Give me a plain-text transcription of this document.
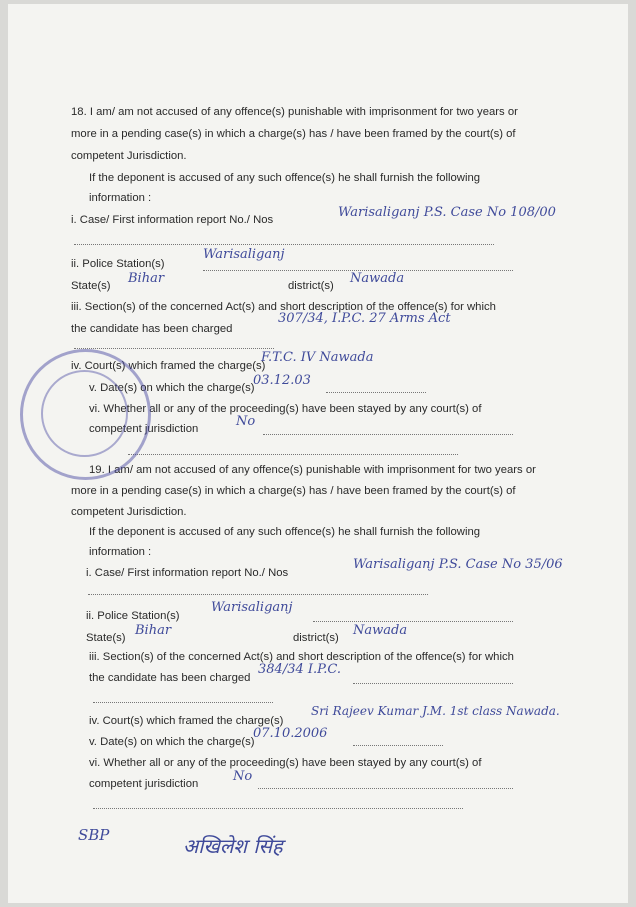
18. I am/ am not accused of any offence(s) punishable with imprisonment for two years or
more in a pending case(s) in which a charge(s) has / have been framed by the court(s) of
competent Jurisdiction.
If the deponent is accused of any such offence(s) he shall furnish the following
information :
i. Case/ First information report No./ Nos	Warisaliganj P.S. Case No 108/00
ii. Police Station(s)
Warisaliganj
State(s) Bihar	district(s) Nawada
iii. Section(s) of the concerned Act(s) and short description of the offence(s) for which
the candidate has been charged
307/34, I.P.C. 27 Arms Act
iv. Court(s) which framed the charge(s)
F.T.C. IV Nawada
v. Date(s) on which the charge(s)
03.12.03
vi. Whether all or any of the proceeding(s) have been stayed by any court(s) of
competent jurisdiction	No
19. I am/ am not accused of any offence(s) punishable with imprisonment for two years or
more in a pending case(s) in which a charge(s) has / have been framed by the court(s) of
competent Jurisdiction.
If the deponent is accused of any such offence(s) he shall furnish the following
information :
i. Case/ First information report No./ Nos
Warisaliganj P.S. Case No 35/06
ii. Police Station(s)
Warisaliganj
State(s) Bihar	district(s) Nawada
iii. Section(s) of the concerned Act(s) and short description of the offence(s) for which
the candidate has been charged
384/34 I.P.C.
iv. Court(s) which framed the charge(s)
Sri Rajeev Kumar J.M. 1st class Nawada.
v. Date(s) on which the charge(s)
07.10.2006
vi. Whether all or any of the proceeding(s) have been stayed by any court(s) of
competent jurisdiction	No
SBP	अखिलेश सिंह
